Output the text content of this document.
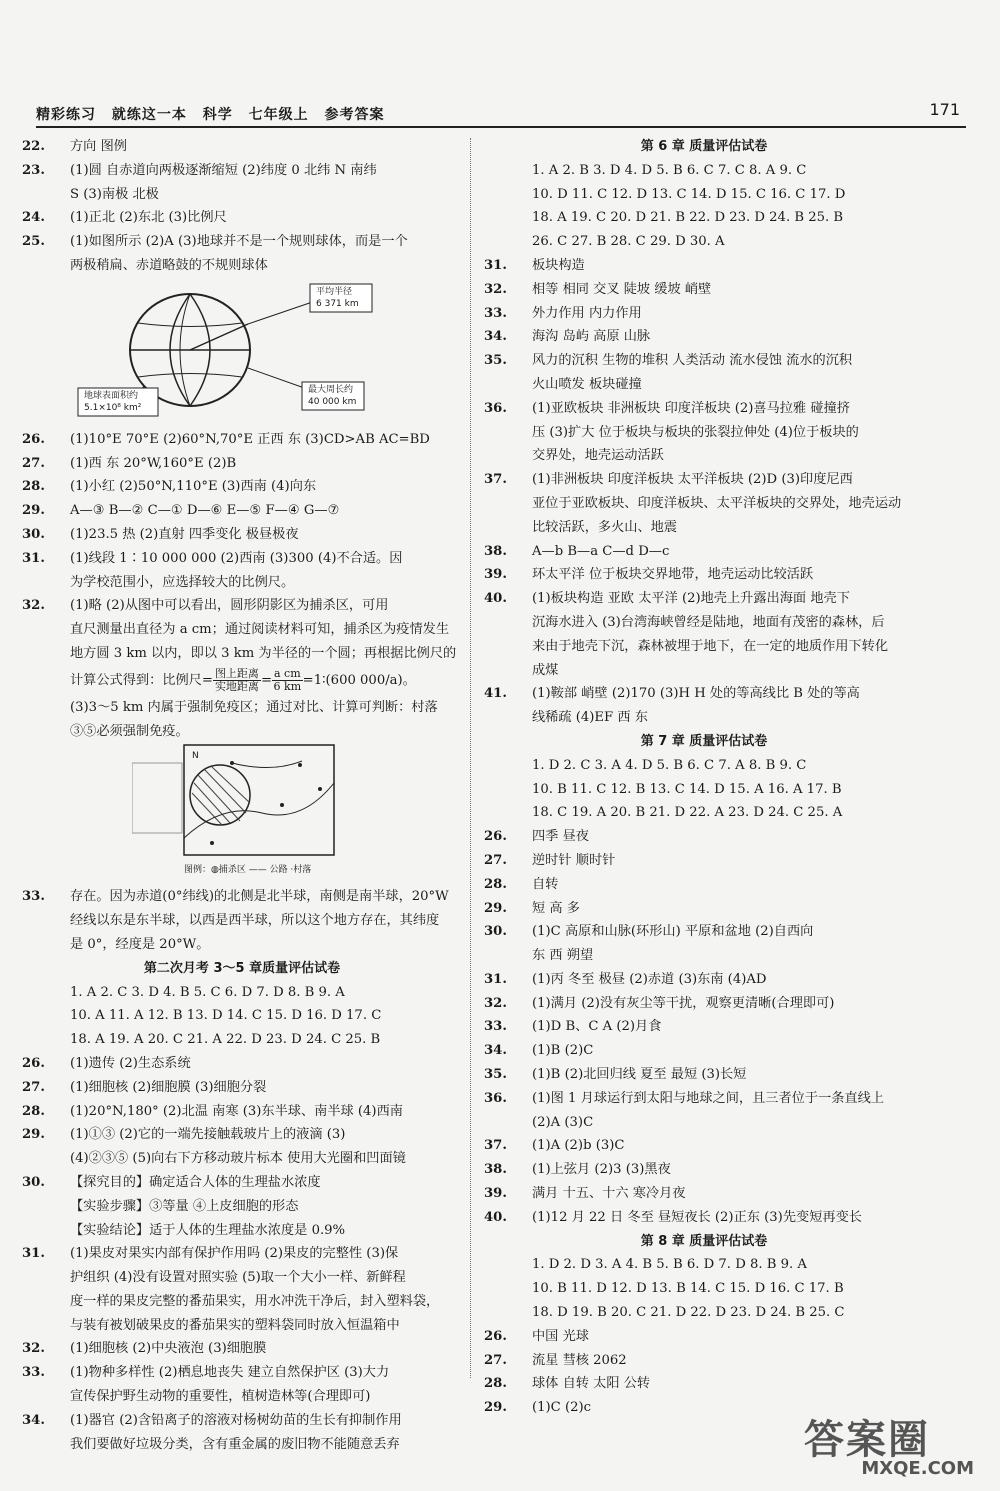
精彩练习 就练这一本 科学 七年级上 参考答案	171
22.	方向 图例
23.	(1)圆 自赤道向两极逐渐缩短 (2)纬度 0 北纬 N 南纬
S (3)南极 北极
24.	(1)正北 (2)东北 (3)比例尺
25.	(1)如图所示 (2)A (3)地球并不是一个规则球体，而是一个
两极稍扁、赤道略鼓的不规则球体
平均半径
6 371 km
地球表面积约
5.1×10⁸ km²
最大周长约
40 000 km
26.	(1)10°E 70°E (2)60°N,70°E 正西 东 (3)CD>AB AC=BD
27.	(1)西 东 20°W,160°E (2)B
28.	(1)小红 (2)50°N,110°E (3)西南 (4)向东
29.	A—③ B—② C—① D—⑥ E—⑤ F—④ G—⑦
30.	(1)23.5 热 (2)直射 四季变化 极昼极夜
31.	(1)线段 1∶10 000 000 (2)西南 (3)300 (4)不合适。因
为学校范围小，应选择较大的比例尺。
32.	(1)略 (2)从图中可以看出，圆形阴影区为捕杀区，可用
直尺测量出直径为 a cm；通过阅读材料可知，捕杀区为疫情发生
地方圆 3 km 以内，即以 3 km 为半径的一个圆；再根据比例尺的
计算公式得到：比例尺= $\frac{\text{图上距离}}{\text{实地距离}} = \frac{\text{a cm}}{6 km}$ =1∶(600 000/a)。
(3)3～5 km 内属于强制免疫区；通过对比、计算可判断：村落
③⑤必须强制免疫。
N
图例：◍捕杀区 —— 公路 ·村落
33.	存在。因为赤道(0°纬线)的北侧是北半球，南侧是南半球，20°W
经线以东是东半球，以西是西半球，所以这个地方存在，其纬度
是 0°，经度是 20°W。
第二次月考 3～5 章质量评估试卷
1. A 2. C 3. D 4. B 5. C 6. D 7. D 8. B 9. A
10. A 11. A 12. B 13. D 14. C 15. D 16. D 17. C
18. A 19. A 20. C 21. A 22. D 23. D 24. C 25. B
26.	(1)遗传 (2)生态系统
27.	(1)细胞核 (2)细胞膜 (3)细胞分裂
28.	(1)20°N,180° (2)北温 南寒 (3)东半球、南半球 (4)西南
29.	(1)①③ (2)它的一端先接触载玻片上的液滴 (3)
(4)②③⑤ (5)向右下方移动玻片标本 使用大光圈和凹面镜
30.	【探究目的】确定适合人体的生理盐水浓度
【实验步骤】③等量 ④上皮细胞的形态
【实验结论】适于人体的生理盐水浓度是 0.9%
31.	(1)果皮对果实内部有保护作用吗 (2)果皮的完整性 (3)保
护组织 (4)没有设置对照实验 (5)取一个大小一样、新鲜程
度一样的果皮完整的番茄果实，用水冲洗干净后，封入塑料袋，
与装有被划破果皮的番茄果实的塑料袋同时放入恒温箱中
32.	(1)细胞核 (2)中央液泡 (3)细胞膜
33.	(1)物种多样性 (2)栖息地丧失 建立自然保护区 (3)大力
宣传保护野生动物的重要性，植树造林等(合理即可)
34.	(1)器官 (2)含铅离子的溶液对杨树幼苗的生长有抑制作用
我们要做好垃圾分类，含有重金属的废旧物不能随意丢弃
第 6 章 质量评估试卷
1. A 2. B 3. D 4. D 5. B 6. C 7. C 8. A 9. C
10. D 11. C 12. D 13. C 14. D 15. C 16. C 17. D
18. A 19. C 20. D 21. B 22. D 23. D 24. B 25. B
26. C 27. B 28. C 29. D 30. A
31.	板块构造
32.	相等 相同 交叉 陡坡 缓坡 峭壁
33.	外力作用 内力作用
34.	海沟 岛屿 高原 山脉
35.	风力的沉积 生物的堆积 人类活动 流水侵蚀 流水的沉积
火山喷发 板块碰撞
36.	(1)亚欧板块 非洲板块 印度洋板块 (2)喜马拉雅 碰撞挤
压 (3)扩大 位于板块与板块的张裂拉伸处 (4)位于板块的
交界处，地壳运动活跃
37.	(1)非洲板块 印度洋板块 太平洋板块 (2)D (3)印度尼西
亚位于亚欧板块、印度洋板块、太平洋板块的交界处，地壳运动
比较活跃，多火山、地震
38.	A—b B—a C—d D—c
39.	环太平洋 位于板块交界地带，地壳运动比较活跃
40.	(1)板块构造 亚欧 太平洋 (2)地壳上升露出海面 地壳下
沉海水进入 (3)台湾海峡曾经是陆地，地面有茂密的森林，后
来由于地壳下沉，森林被埋于地下，在一定的地质作用下转化
成煤
41.	(1)鞍部 峭壁 (2)170 (3)H H 处的等高线比 B 处的等高
线稀疏 (4)EF 西 东
第 7 章 质量评估试卷
1. D 2. C 3. A 4. D 5. B 6. C 7. A 8. B 9. C
10. B 11. C 12. B 13. C 14. D 15. A 16. A 17. B
18. C 19. A 20. B 21. D 22. A 23. D 24. C 25. A
26.	四季 昼夜
27.	逆时针 顺时针
28.	自转
29.	短 高 多
30.	(1)C 高原和山脉(环形山) 平原和盆地 (2)自西向
东 西 朔望
31.	(1)丙 冬至 极昼 (2)赤道 (3)东南 (4)AD
32.	(1)满月 (2)没有灰尘等干扰，观察更清晰(合理即可)
33.	(1)D B、C A (2)月食
34.	(1)B (2)C
35.	(1)B (2)北回归线 夏至 最短 (3)长短
36.	(1)图 1 月球运行到太阳与地球之间，且三者位于一条直线上
(2)A (3)C
37.	(1)A (2)b (3)C
38.	(1)上弦月 (2)3 (3)黑夜
39.	满月 十五、十六 寒冷月夜
40.	(1)12 月 22 日 冬至 昼短夜长 (2)正东 (3)先变短再变长
第 8 章 质量评估试卷
1. D 2. D 3. A 4. B 5. B 6. D 7. D 8. B 9. A
10. B 11. D 12. D 13. B 14. C 15. D 16. C 17. B
18. D 19. B 20. C 21. D 22. D 23. D 24. B 25. C
26.	中国 光球
27.	流星 彗核 2062
28.	球体 自转 太阳 公转
29.	(1)C (2)c
答案圈
MXQE.COM
